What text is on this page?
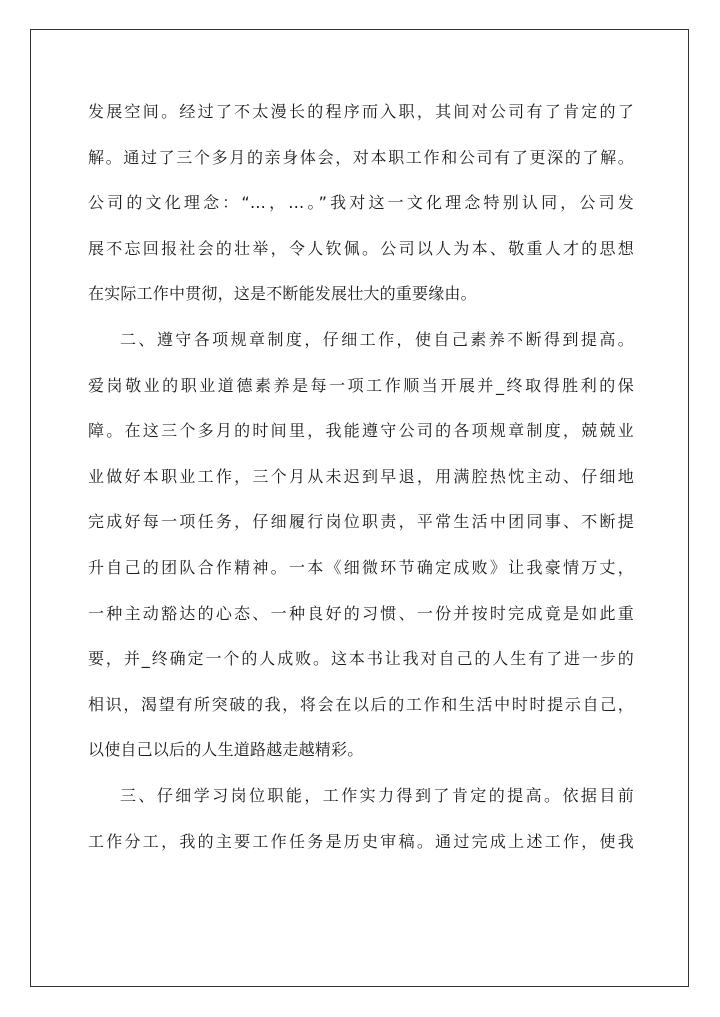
发展空间。经过了不太漫长的程序而入职，其间对公司有了肯定的了
解。通过了三个多月的亲身体会，对本职工作和公司有了更深的了解。
公司的文化理念：“…，…。”我对这一文化理念特别认同，公司发
展不忘回报社会的壮举，令人钦佩。公司以人为本、敬重人才的思想
在实际工作中贯彻，这是不断能发展壮大的重要缘由。
二、遵守各项规章制度，仔细工作，使自己素养不断得到提高。
爱岗敬业的职业道德素养是每一项工作顺当开展并_终取得胜利的保
障。在这三个多月的时间里，我能遵守公司的各项规章制度，兢兢业
业做好本职业工作，三个月从未迟到早退，用满腔热忱主动、仔细地
完成好每一项任务，仔细履行岗位职责，平常生活中团同事、不断提
升自己的团队合作精神。一本《细微环节确定成败》让我豪情万丈，
一种主动豁达的心态、一种良好的习惯、一份并按时完成竟是如此重
要，并_终确定一个的人成败。这本书让我对自己的人生有了进一步的
相识，渴望有所突破的我，将会在以后的工作和生活中时时提示自己，
以使自己以后的人生道路越走越精彩。
三、仔细学习岗位职能，工作实力得到了肯定的提高。依据目前
工作分工，我的主要工作任务是历史审稿。通过完成上述工作，使我
